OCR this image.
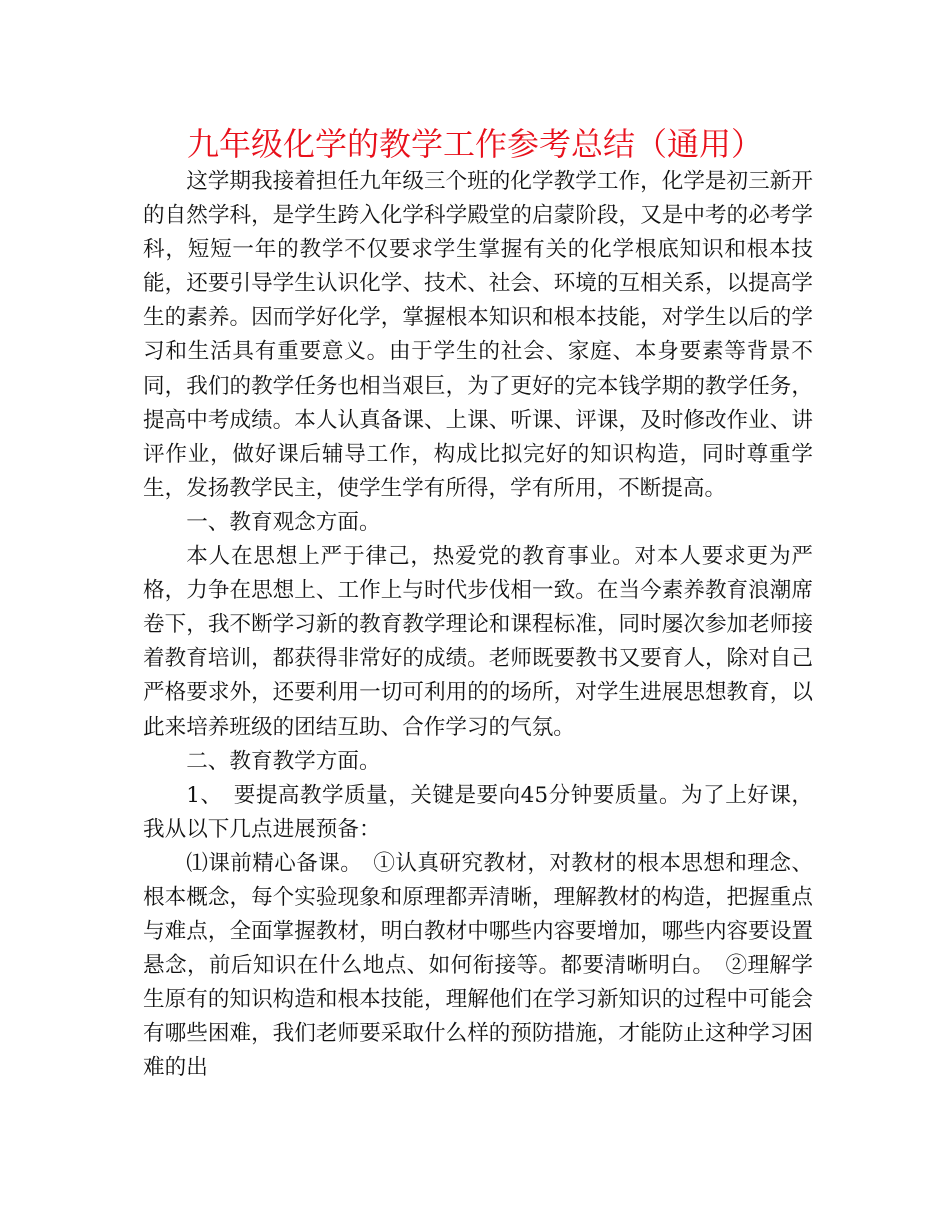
九年级化学的教学工作参考总结（通用）

这学期我接着担任九年级三个班的化学教学工作，化学是初三新开的自然学科，是学生跨入化学科学殿堂的启蒙阶段，又是中考的必考学科，短短一年的教学不仅要求学生掌握有关的化学根底知识和根本技能，还要引导学生认识化学、技术、社会、环境的互相关系，以提高学生的素养。因而学好化学，掌握根本知识和根本技能，对学生以后的学习和生活具有重要意义。由于学生的社会、家庭、本身要素等背景不同，我们的教学任务也相当艰巨，为了更好的完本钱学期的教学任务，提高中考成绩。本人认真备课、上课、听课、评课，及时修改作业、讲评作业，做好课后辅导工作，构成比拟完好的知识构造，同时尊重学生，发扬教学民主，使学生学有所得，学有所用，不断提高。

一、教育观念方面。

本人在思想上严于律己，热爱党的教育事业。对本人要求更为严格，力争在思想上、工作上与时代步伐相一致。在当今素养教育浪潮席卷下，我不断学习新的教育教学理论和课程标准，同时屡次参加老师接着教育培训，都获得非常好的成绩。老师既要教书又要育人，除对自己严格要求外，还要利用一切可利用的的场所，对学生进展思想教育，以此来培养班级的团结互助、合作学习的气氛。

二、教育教学方面。

1、　要提高教学质量，关键是要向45分钟要质量。为了上好课，我从以下几点进展预备：

⑴课前精心备课。　①认真研究教材，对教材的根本思想和理念、根本概念，每个实验现象和原理都弄清晰，理解教材的构造，把握重点与难点，全面掌握教材，明白教材中哪些内容要增加，哪些内容要设置悬念，前后知识在什么地点、如何衔接等。都要清晰明白。　②理解学生原有的知识构造和根本技能，理解他们在学习新知识的过程中可能会有哪些困难，我们老师要采取什么样的预防措施，才能防止这种学习困难的出
